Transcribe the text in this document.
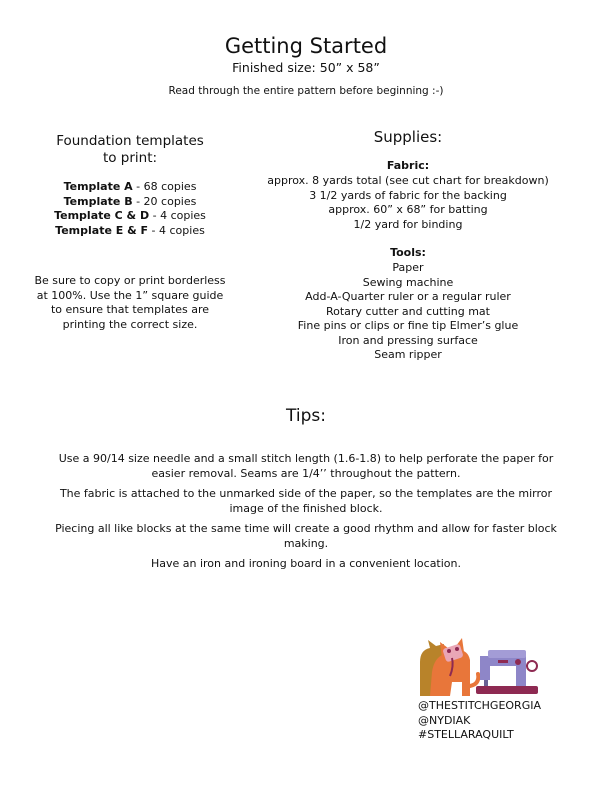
Getting Started
Finished size: 50” x 58”
Read through the entire pattern before beginning :-)
Foundation templates
to print:
Template A - 68 copies
Template B - 20 copies
Template C & D - 4 copies
Template E & F - 4 copies
Be sure to copy or print borderless
at 100%. Use the 1” square guide
to ensure that templates are
printing the correct size.
Supplies:
Fabric:
approx. 8 yards total (see cut chart for breakdown)
3 1/2 yards of fabric for the backing
approx. 60” x 68” for batting
1/2 yard for binding
Tools:
Paper
Sewing machine
Add-A-Quarter ruler or a regular ruler
Rotary cutter and cutting mat
Fine pins or clips or fine tip Elmer’s glue
Iron and pressing surface
Seam ripper
Tips:
Use a 90/14 size needle and a small stitch length (1.6-1.8) to help perforate the paper for
easier removal. Seams are 1/4’’ throughout the pattern.
The fabric is attached to the unmarked side of the paper, so the templates are the mirror
image of the finished block.
Piecing all like blocks at the same time will create a good rhythm and allow for faster block
making.
Have an iron and ironing board in a convenient location.
@THESTITCHGEORGIA
@NYDIAK
#STELLARAQUILT
